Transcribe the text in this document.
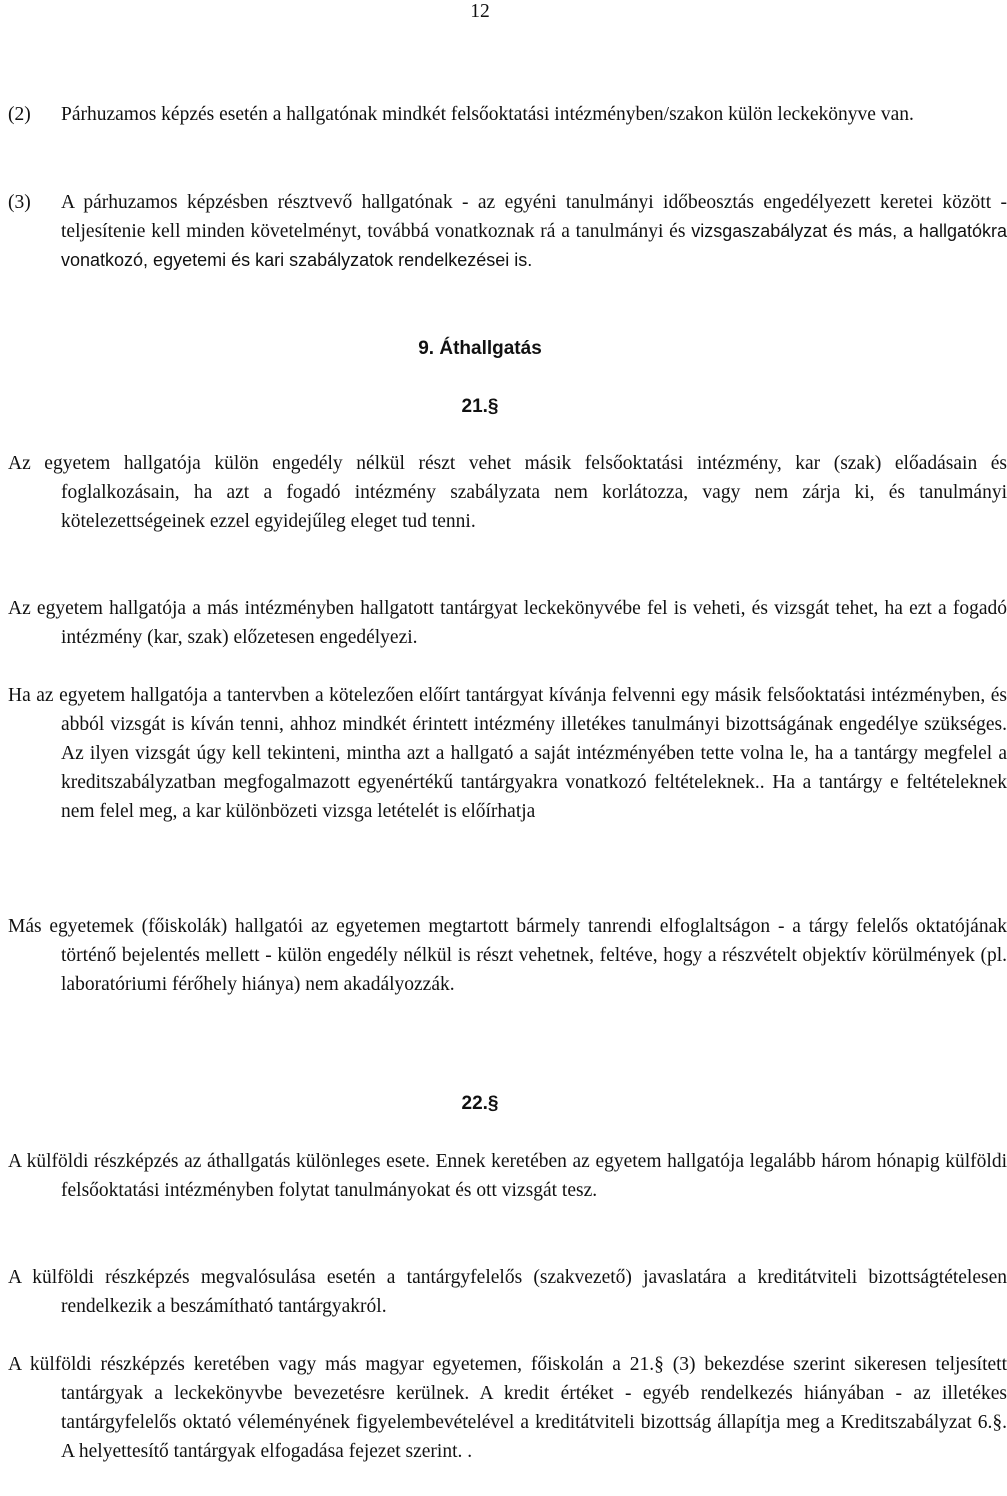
12

(2) Párhuzamos képzés esetén a hallgatónak mindkét felsőoktatási intézményben/szakon külön leckekönyve van.

(3) A párhuzamos képzésben résztvevő hallgatónak - az egyéni tanulmányi időbeosztás engedélyezett keretei között - teljesítenie kell minden követelményt, továbbá vonatkoznak rá a tanulmányi és vizsgaszabályzat és más, a hallgatókra vonatkozó, egyetemi és kari szabályzatok rendelkezései is.

9. Áthallgatás
21.§

Az egyetem hallgatója külön engedély nélkül részt vehet másik felsőoktatási intézmény, kar (szak) előadásain és foglalkozásain, ha azt a fogadó intézmény szabályzata nem korlátozza, vagy nem zárja ki, és tanulmányi kötelezettségeinek ezzel egyidejűleg eleget tud tenni.

Az egyetem hallgatója a más intézményben hallgatott tantárgyat leckekönyvébe fel is veheti, és vizsgát tehet, ha ezt a fogadó intézmény (kar, szak) előzetesen engedélyezi.

Ha az egyetem hallgatója a tantervben a kötelezően előírt tantárgyat kívánja felvenni egy másik felsőoktatási intézményben, és abból vizsgát is kíván tenni, ahhoz mindkét érintett intézmény illetékes tanulmányi bizottságának engedélye szükséges. Az ilyen vizsgát úgy kell tekinteni, mintha azt a hallgató a saját intézményében tette volna le, ha a tantárgy megfelel a kreditszabályzatban megfogalmazott egyenértékű tantárgyakra vonatkozó feltételeknek.. Ha a tantárgy e feltételeknek nem felel meg, a kar különbözeti vizsga letételét is előírhatja

Más egyetemek (főiskolák) hallgatói az egyetemen megtartott bármely tanrendi elfoglaltságon - a tárgy felelős oktatójának történő bejelentés mellett - külön engedély nélkül is részt vehetnek, feltéve, hogy a részvételt objektív körülmények (pl. laboratóriumi férőhely hiánya) nem akadályozzák.

22.§

A külföldi részképzés az áthallgatás különleges esete. Ennek keretében az egyetem hallgatója legalább három hónapig külföldi felsőoktatási intézményben folytat tanulmányokat és ott vizsgát tesz.

A külföldi részképzés megvalósulása esetén a tantárgyfelelős (szakvezető) javaslatára a kreditátviteli bizottságtételesen rendelkezik a beszámítható tantárgyakról.

A külföldi részképzés keretében vagy más magyar egyetemen, főiskolán a 21.§ (3) bekezdése szerint sikeresen teljesített tantárgyak a leckekönyvbe bevezetésre kerülnek. A kredit értéket - egyéb rendelkezés hiányában - az illetékes tantárgyfelelős oktató véleményének figyelembevételével a kreditátviteli bizottság állapítja meg a Kreditszabályzat 6.§. A helyettesítő tantárgyak elfogadása fejezet szerint. .
